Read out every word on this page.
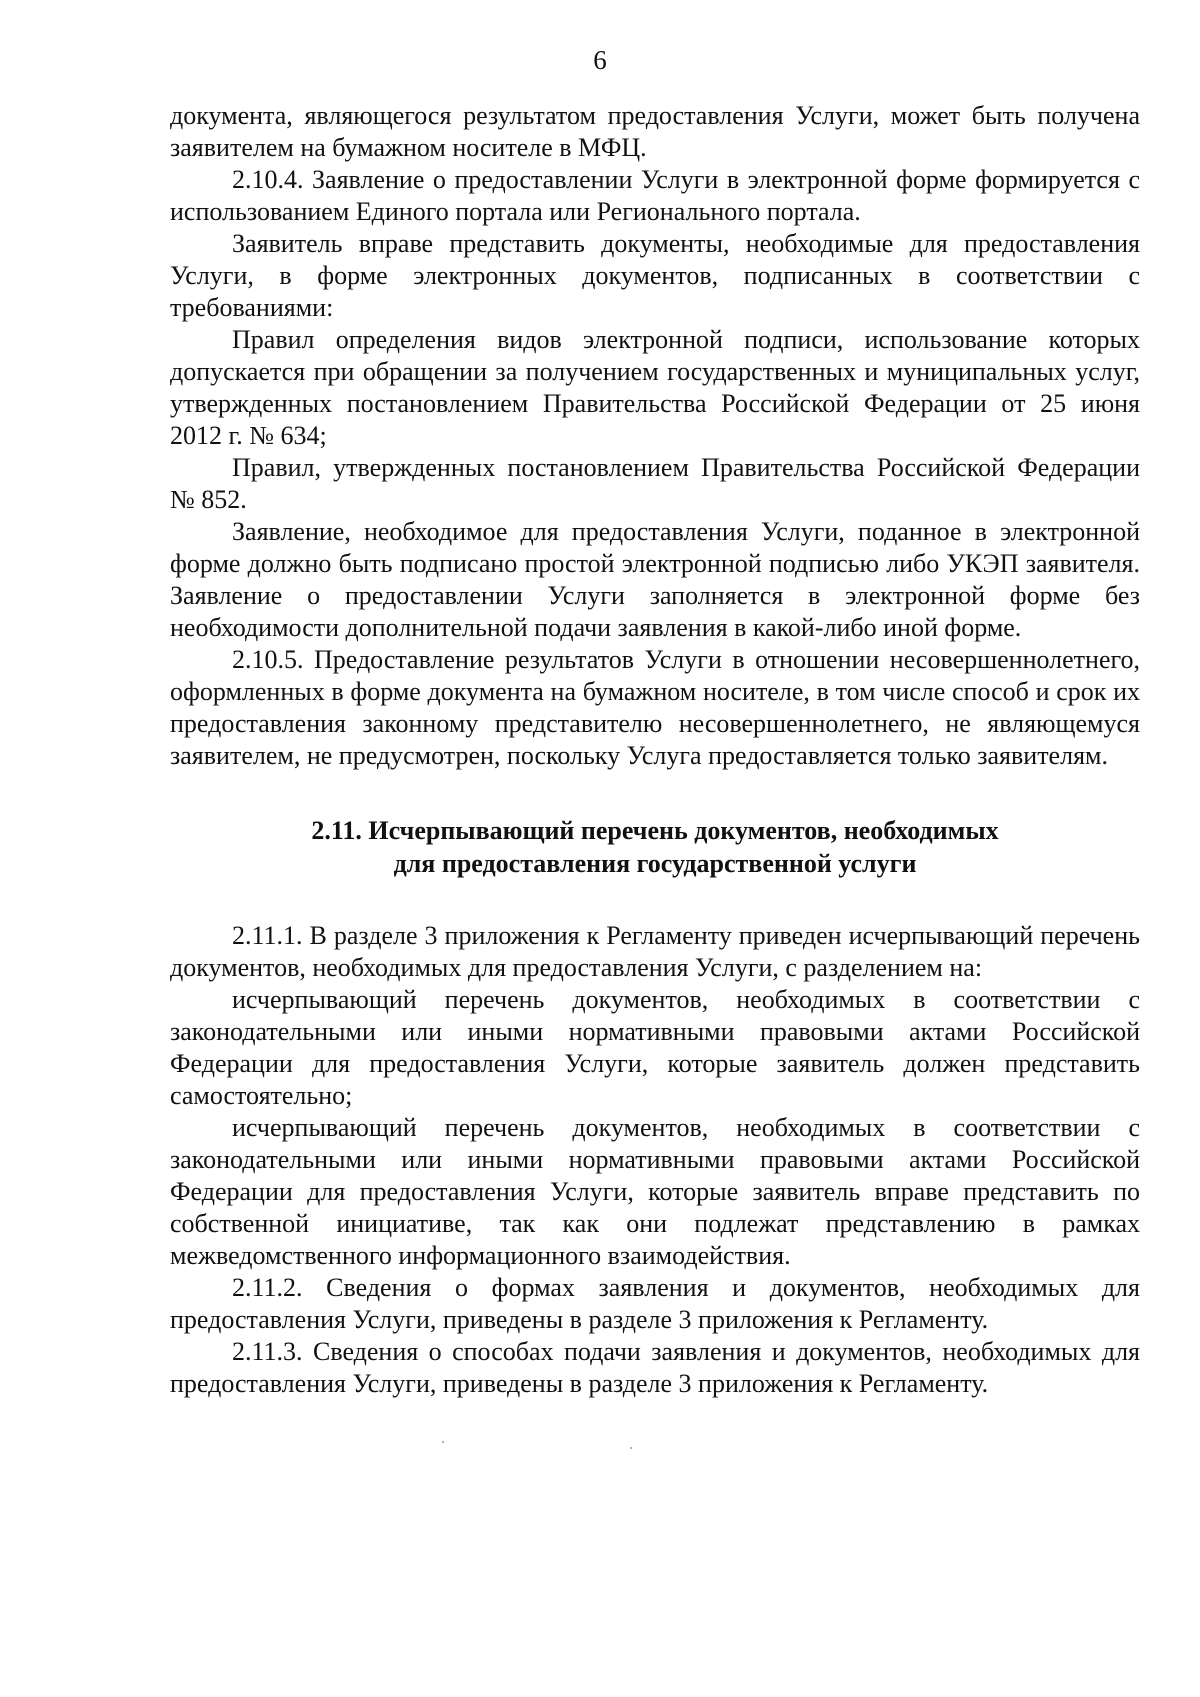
6

документа, являющегося результатом предоставления Услуги, может быть получена заявителем на бумажном носителе в МФЦ.

2.10.4. Заявление о предоставлении Услуги в электронной форме формируется с использованием Единого портала или Регионального портала.

Заявитель вправе представить документы, необходимые для предоставления Услуги, в форме электронных документов, подписанных в соответствии с требованиями:

Правил определения видов электронной подписи, использование которых допускается при обращении за получением государственных и муниципальных услуг, утвержденных постановлением Правительства Российской Федерации от 25 июня 2012 г. № 634;

Правил, утвержденных постановлением Правительства Российской Федерации № 852.

Заявление, необходимое для предоставления Услуги, поданное в электронной форме должно быть подписано простой электронной подписью либо УКЭП заявителя. Заявление о предоставлении Услуги заполняется в электронной форме без необходимости дополнительной подачи заявления в какой-либо иной форме.

2.10.5. Предоставление результатов Услуги в отношении несовершеннолетнего, оформленных в форме документа на бумажном носителе, в том числе способ и срок их предоставления законному представителю несовершеннолетнего, не являющемуся заявителем, не предусмотрен, поскольку Услуга предоставляется только заявителям.

2.11. Исчерпывающий перечень документов, необходимых
для предоставления государственной услуги

2.11.1. В разделе 3 приложения к Регламенту приведен исчерпывающий перечень документов, необходимых для предоставления Услуги, с разделением на:

исчерпывающий перечень документов, необходимых в соответствии с законодательными или иными нормативными правовыми актами Российской Федерации для предоставления Услуги, которые заявитель должен представить самостоятельно;

исчерпывающий перечень документов, необходимых в соответствии с законодательными или иными нормативными правовыми актами Российской Федерации для предоставления Услуги, которые заявитель вправе представить по собственной инициативе, так как они подлежат представлению в рамках межведомственного информационного взаимодействия.

2.11.2. Сведения о формах заявления и документов, необходимых для предоставления Услуги, приведены в разделе 3 приложения к Регламенту.

2.11.3. Сведения о способах подачи заявления и документов, необходимых для предоставления Услуги, приведены в разделе 3 приложения к Регламенту.
